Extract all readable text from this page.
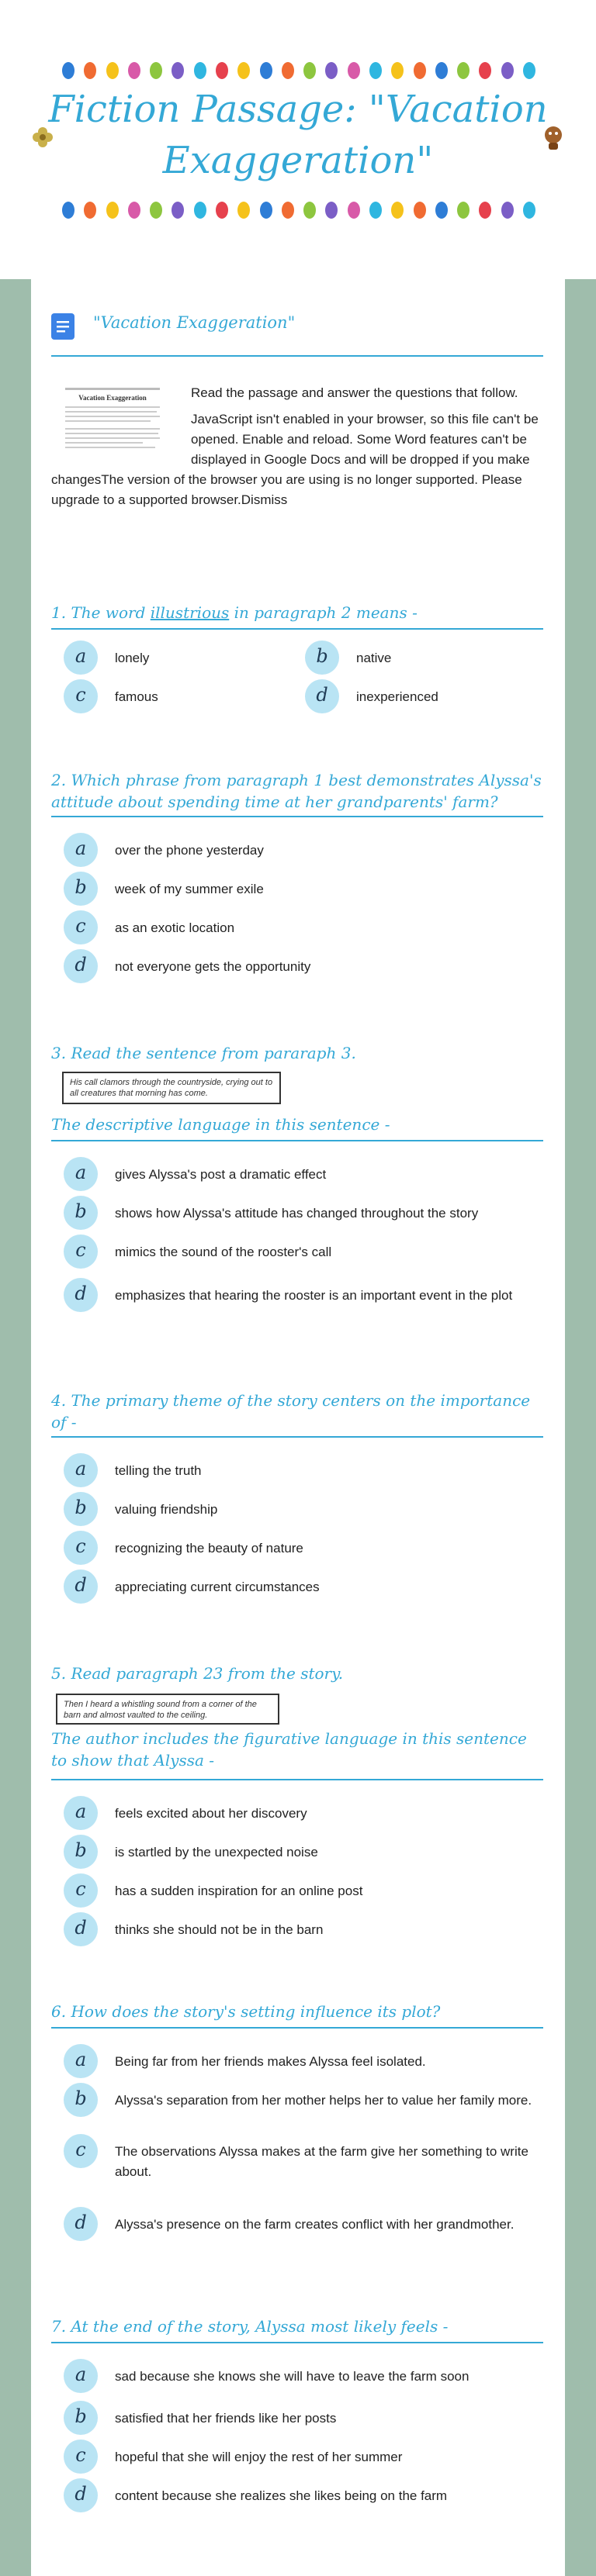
Fiction Passage: "Vacation Exaggeration"
"Vacation Exaggeration"
Vacation Exaggeration	Read the passage and answer the questions that follow.

JavaScript isn't enabled in your browser, so this file can't be opened. Enable and reload. Some Word features can't be displayed in Google Docs and will be dropped if you make changesThe version of the browser you are using is no longer supported. Please upgrade to a supported browser.Dismiss

1. The word illustrious in paragraph 2 means -
a	lonely	b	native
c	famous	d	inexperienced
2. Which phrase from paragraph 1 best demonstrates Alyssa's attitude about spending time at her grandparents' farm?
a	over the phone yesterday
b	week of my summer exile
c	as an exotic location
d	not everyone gets the opportunity
3. Read the sentence from pararaph 3.
His call clamors through the countryside, crying out to all creatures that morning has come.
The descriptive language in this sentence -
a	gives Alyssa's post a dramatic effect
b	shows how Alyssa's attitude has changed throughout the story
c	mimics the sound of the rooster's call
d	emphasizes that hearing the rooster is an important event in the plot
4. The primary theme of the story centers on the importance of -
a	telling the truth
b	valuing friendship
c	recognizing the beauty of nature
d	appreciating current circumstances
5. Read paragraph 23 from the story.
Then I heard a whistling sound from a corner of the barn and almost vaulted to the ceiling.
The author includes the figurative language in this sentence to show that Alyssa -
a	feels excited about her discovery
b	is startled by the unexpected noise
c	has a sudden inspiration for an online post
d	thinks she should not be in the barn
6. How does the story's setting influence its plot?
a	Being far from her friends makes Alyssa feel isolated.
b	Alyssa's separation from her mother helps her to value her family more.
c	The observations Alyssa makes at the farm give her something to write about.
d	Alyssa's presence on the farm creates conflict with her grandmother.
7. At the end of the story, Alyssa most likely feels -
a	sad because she knows she will have to leave the farm soon
b	satisfied that her friends like her posts
c	hopeful that she will enjoy the rest of her summer
d	content because she realizes she likes being on the farm
